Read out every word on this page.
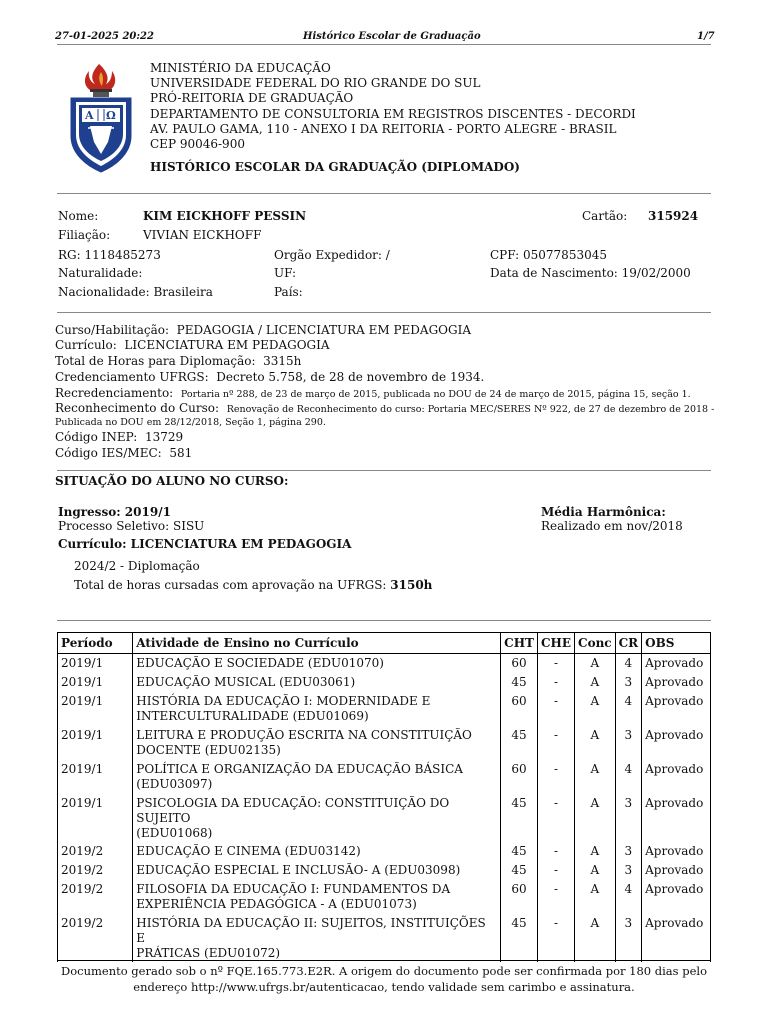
27-01-2025 20:22	Histórico Escolar de Graduação	1/7
A Ω
MINISTÉRIO DA EDUCAÇÃO
UNIVERSIDADE FEDERAL DO RIO GRANDE DO SUL
PRÓ-REITORIA DE GRADUAÇÃO
DEPARTAMENTO DE CONSULTORIA EM REGISTROS DISCENTES - DECORDI
AV. PAULO GAMA, 110 - ANEXO I DA REITORIA - PORTO ALEGRE - BRASIL
CEP 90046-900
HISTÓRICO ESCOLAR DA GRADUAÇÃO (DIPLOMADO)
Nome:	KIM EICKHOFF PESSIN	Cartão: 315924
Filiação:	VIVIAN EICKHOFF
RG: 1118485273	Orgão Expedidor: /	CPF: 05077853045
Naturalidade:	UF:	Data de Nascimento: 19/02/2000
Nacionalidade: Brasileira	País:
Curso/Habilitação: PEDAGOGIA / LICENCIATURA EM PEDAGOGIA
Currículo: LICENCIATURA EM PEDAGOGIA
Total de Horas para Diplomação: 3315h
Credenciamento UFRGS: Decreto 5.758, de 28 de novembro de 1934.
Recredenciamento: Portaria nº 288, de 23 de março de 2015, publicada no DOU de 24 de março de 2015, página 15, seção 1.
Reconhecimento do Curso: Renovação de Reconhecimento do curso: Portaria MEC/SERES Nº 922, de 27 de dezembro de 2018 -
Publicada no DOU em 28/12/2018, Seção 1, página 290.
Código INEP: 13729
Código IES/MEC: 581
SITUAÇÃO DO ALUNO NO CURSO:
Ingresso: 2019/1
Processo Seletivo: SISU
Currículo: LICENCIATURA EM PEDAGOGIA
Média Harmônica:
Realizado em nov/2018
2024/2 - Diplomação
Total de horas cursadas com aprovação na UFRGS: 3150h
Período	Atividade de Ensino no Currículo	CHT	CHE	Conc	CR	OBS
2019/1	EDUCAÇÃO E SOCIEDADE (EDU01070)	60	-	A	4	Aprovado
2019/1	EDUCAÇÃO MUSICAL (EDU03061)	45	-	A	3	Aprovado
2019/1	HISTÓRIA DA EDUCAÇÃO I: MODERNIDADE E
INTERCULTURALIDADE (EDU01069)	60	-	A	4	Aprovado
2019/1	LEITURA E PRODUÇÃO ESCRITA NA CONSTITUIÇÃO
DOCENTE (EDU02135)	45	-	A	3	Aprovado
2019/1	POLÍTICA E ORGANIZAÇÃO DA EDUCAÇÃO BÁSICA
(EDU03097)	60	-	A	4	Aprovado
2019/1	PSICOLOGIA DA EDUCAÇÃO: CONSTITUIÇÃO DO SUJEITO
(EDU01068)	45	-	A	3	Aprovado
2019/2	EDUCAÇÃO E CINEMA (EDU03142)	45	-	A	3	Aprovado
2019/2	EDUCAÇÃO ESPECIAL E INCLUSÃO- A (EDU03098)	45	-	A	3	Aprovado
2019/2	FILOSOFIA DA EDUCAÇÃO I: FUNDAMENTOS DA
EXPERIÊNCIA PEDAGÓGICA - A (EDU01073)	60	-	A	4	Aprovado
2019/2	HISTÓRIA DA EDUCAÇÃO II: SUJEITOS, INSTITUIÇÕES E
PRÁTICAS (EDU01072)	45	-	A	3	Aprovado
Documento gerado sob o nº FQE.165.773.E2R. A origem do documento pode ser confirmada por 180 dias pelo
endereço http://www.ufrgs.br/autenticacao, tendo validade sem carimbo e assinatura.
